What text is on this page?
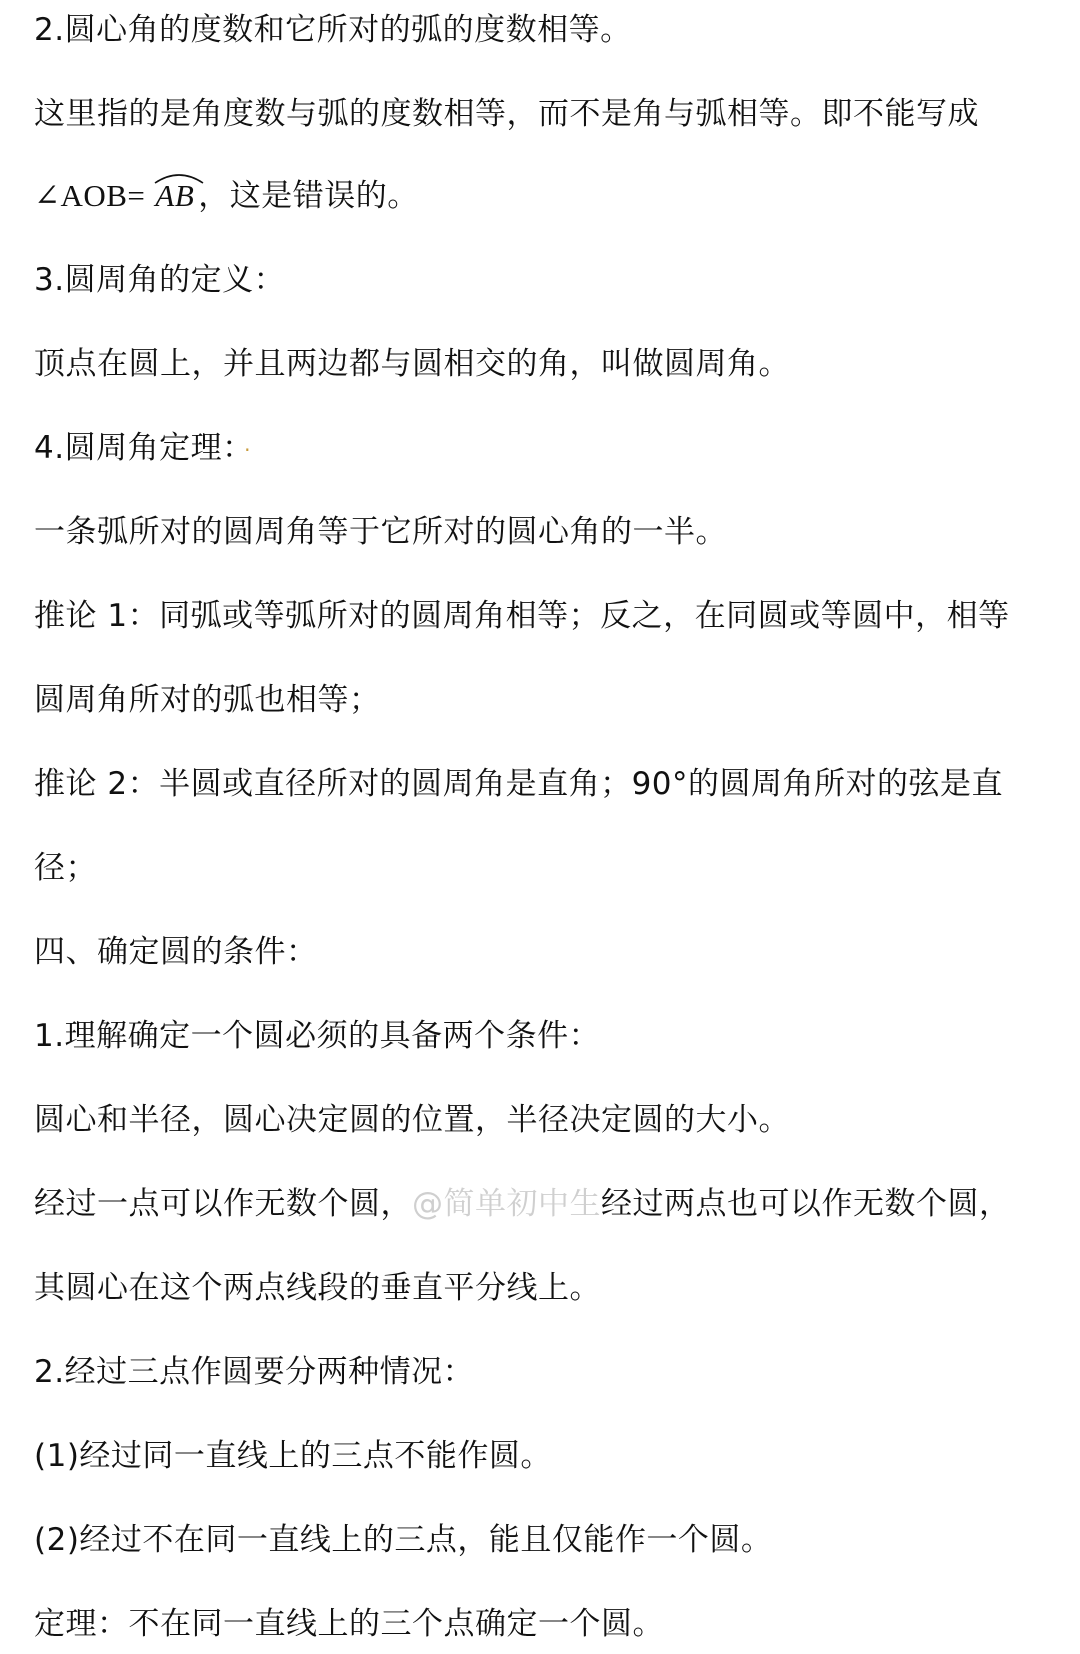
2.圆心角的度数和它所对的弧的度数相等。
这里指的是角度数与弧的度数相等，而不是角与弧相等。即不能写成
∠AOB= AB ，这是错误的。
3.圆周角的定义：
顶点在圆上，并且两边都与圆相交的角，叫做圆周角。
4.圆周角定理： ·
一条弧所对的圆周角等于它所对的圆心角的一半。
推论 1：同弧或等弧所对的圆周角相等；反之，在同圆或等圆中，相等
圆周角所对的弧也相等；
推论 2：半圆或直径所对的圆周角是直角；90°的圆周角所对的弦是直
径；
四、确定圆的条件：
1.理解确定一个圆必须的具备两个条件：
圆心和半径，圆心决定圆的位置，半径决定圆的大小。
经过一点可以作无数个圆，@简单初中生经过两点也可以作无数个圆，
其圆心在这个两点线段的垂直平分线上。
2.经过三点作圆要分两种情况：
(1)经过同一直线上的三点不能作圆。
(2)经过不在同一直线上的三点，能且仅能作一个圆。
定理：不在同一直线上的三个点确定一个圆。
